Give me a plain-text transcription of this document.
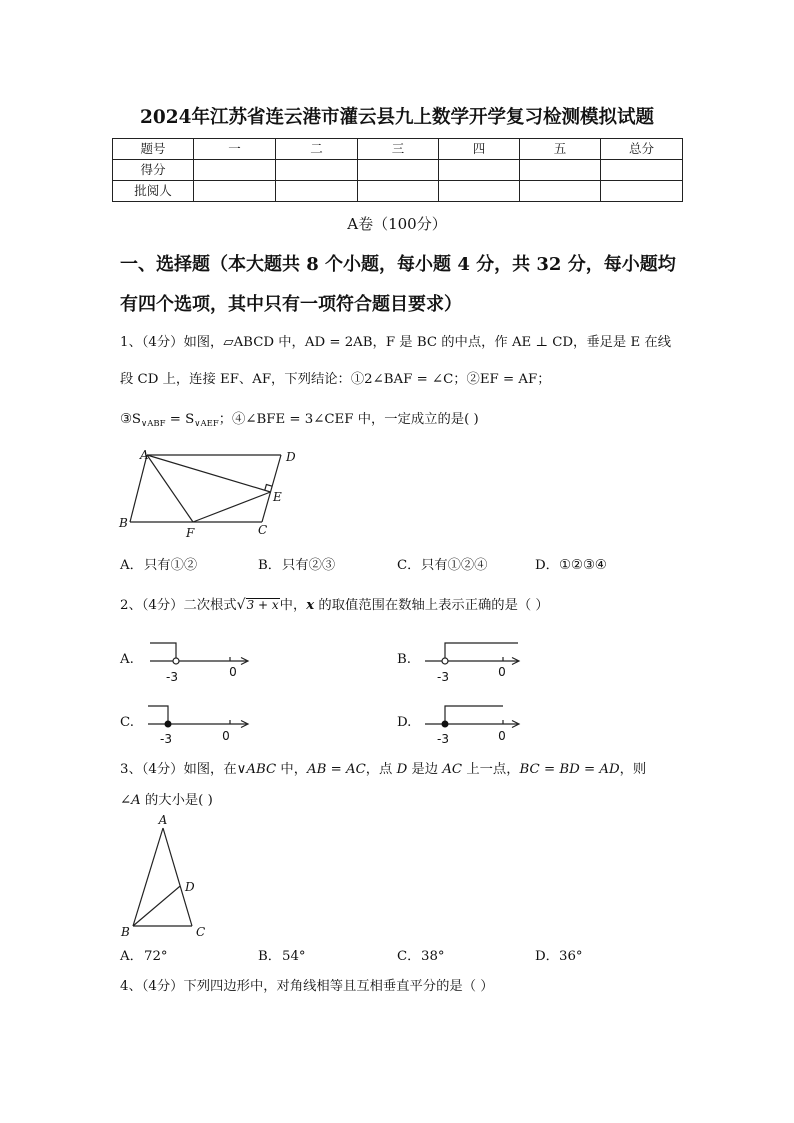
2024年江苏省连云港市灌云县九上数学开学复习检测模拟试题
题号	一	二	三	四	五	总分
得分						
批阅人						
A卷（100分）
一、选择题（本大题共 8 个小题，每小题 4 分，共 32 分，每小题均
有四个选项，其中只有一项符合题目要求）
1、（4分）如图，▱ABCD 中，AD = 2AB，F 是 BC 的中点，作 AE ⊥ CD，垂足是 E 在线
段 CD 上，连接 EF、AF，下列结论：①2∠BAF = ∠C；②EF = AF；
$③S_{\vee ABF} = S_{\vee AEF}$；④∠BFE = 3∠CEF 中，一定成立的是( )
A	D
B	C
F
E
A．只有①②	B．只有②③	C．只有①②④	D．①②③④
2、（4分）二次根式√3 + x中，x 的取值范围在数轴上表示正确的是（ ）
A.
-3	0
B.
-3	0
C.
-3	0
D.
-3	0
3、（4分）如图，在∨ABC 中，AB = AC，点 D 是边 AC 上一点，BC = BD = AD，则
∠A 的大小是( )
A
D
B	C
A．72°	B．54°	C．38°	D．36°
4、（4分）下列四边形中，对角线相等且互相垂直平分的是（ ）
